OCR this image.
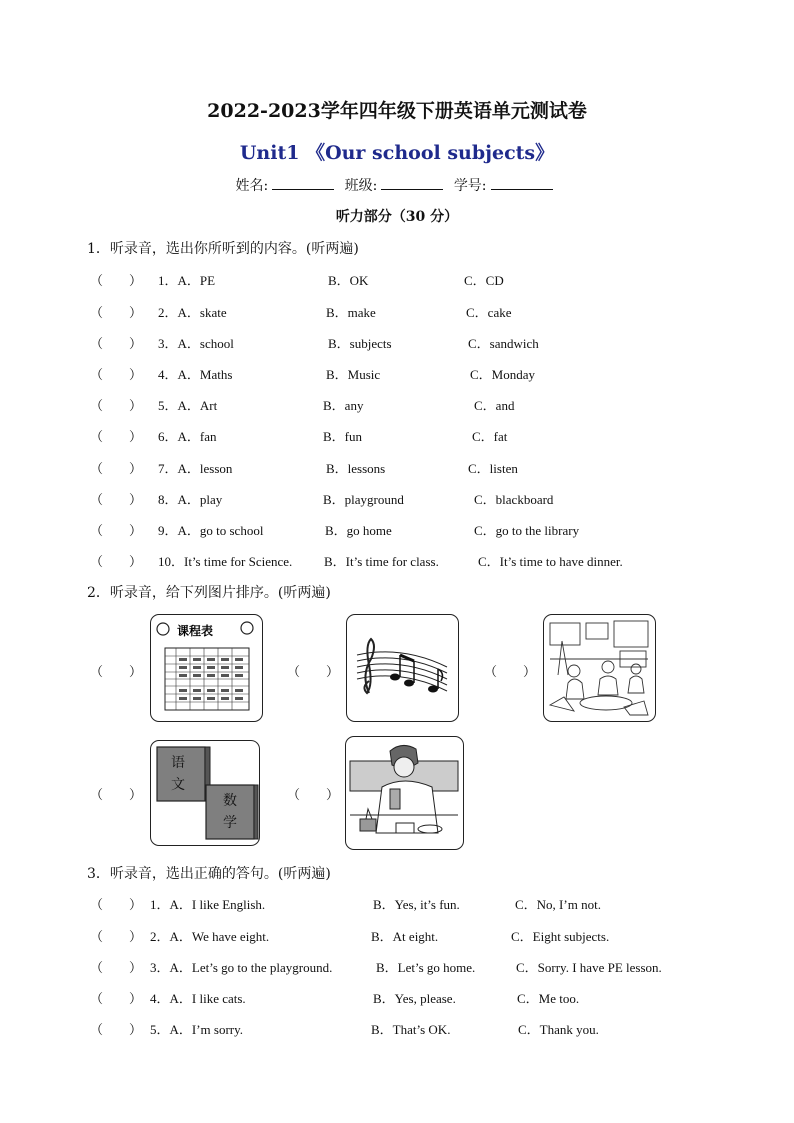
2022-2023学年四年级下册英语单元测试卷
Unit1 《Our school subjects》
姓名:	班级:	学号:
听力部分（30 分）
1．听录音，选出你所听到的内容。(听两遍)
（　　） 1．A．PE	B．OK	C．CD
（　　） 2．A．skate	B．make	C．cake
（　　） 3．A．school	B．subjects	C．sandwich
（　　） 4．A．Maths	B．Music	C．Monday
（　　） 5．A．Art	B．any	C．and
（　　） 6．A．fan	B．fun	C．fat
（　　） 7．A．lesson	B．lessons	C．listen
（　　） 8．A．play	B．playground	C．blackboard
（　　） 9．A．go to school	B．go home	C．go to the library
（　　） 10．It’s time for Science. B．It’s time for class.	C．It’s time to have dinner.
2．听录音，给下列图片排序。(听两遍)
（　　）
课程表
（　　）	（　　）
（　　）
语
文
数
学
（　　）
3．听录音，选出正确的答句。(听两遍)
（　　） 1．A．I like English.	B．Yes, it’s fun.	C．No, I’m not.
（　　） 2．A．We have eight.	B．At eight.	C．Eight subjects.
（　　） 3．A．Let’s go to the playground.	B．Let’s go home.	C．Sorry. I have PE lesson.
（　　） 4．A．I like cats.	B．Yes, please.	C．Me too.
（　　） 5．A．I’m sorry.	B．That’s OK.	C．Thank you.
